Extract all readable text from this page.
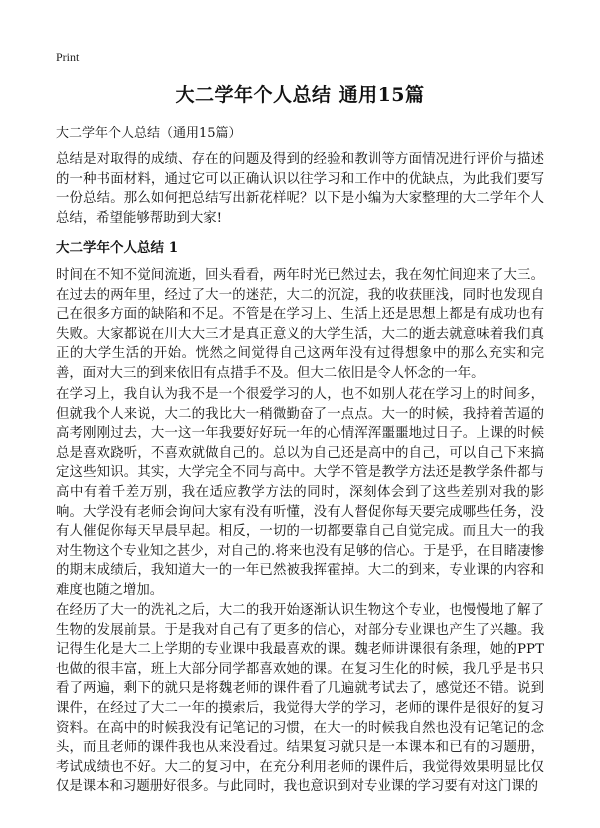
Print
大二学年个人总结 通用15篇
大二学年个人总结（通用15篇）

总结是对取得的成绩、存在的问题及得到的经验和教训等方面情况进行评价与描述的一种书面材料，通过它可以正确认识以往学习和工作中的优缺点，为此我们要写一份总结。那么如何把总结写出新花样呢？以下是小编为大家整理的大二学年个人总结，希望能够帮助到大家!

大二学年个人总结 1

时间在不知不觉间流逝，回头看看，两年时光已然过去，我在匆忙间迎来了大三。在过去的两年里，经过了大一的迷茫，大二的沉淀，我的收获匪浅，同时也发现自己在很多方面的缺陷和不足。不管是在学习上、生活上还是思想上都是有成功也有失败。大家都说在川大大三才是真正意义的大学生活，大二的逝去就意味着我们真正的大学生活的开始。恍然之间觉得自己这两年没有过得想象中的那么充实和完善，面对大三的到来依旧有点措手不及。但大二依旧是令人怀念的一年。

在学习上，我自认为我不是一个很爱学习的人，也不如别人花在学习上的时间多，但就我个人来说，大二的我比大一稍微勤奋了一点点。大一的时候，我持着苦逼的高考刚刚过去，大一这一年我要好好玩一年的心情浑浑噩噩地过日子。上课的时候总是喜欢跷听，不喜欢就做自己的。总以为自己还是高中的自己，可以自己下来搞定这些知识。其实，大学完全不同与高中。大学不管是教学方法还是教学条件都与高中有着千差万别，我在适应教学方法的同时，深刻体会到了这些差别对我的影响。大学没有老师会询问大家有没有听懂，没有人督促你每天要完成哪些任务，没有人催促你每天早晨早起。相反，一切的一切都要靠自己自觉完成。而且大一的我对生物这个专业知之甚少，对自己的.将来也没有足够的信心。于是乎，在目睹凄惨的期末成绩后，我知道大一的一年已然被我挥霍掉。大二的到来，专业课的内容和难度也随之增加。

在经历了大一的洗礼之后，大二的我开始逐渐认识生物这个专业，也慢慢地了解了生物的发展前景。于是我对自己有了更多的信心，对部分专业课也产生了兴趣。我记得生化是大二上学期的专业课中我最喜欢的课。魏老师讲课很有条理，她的PPT也做的很丰富，班上大部分同学都喜欢她的课。在复习生化的时候，我几乎是书只看了两遍，剩下的就只是将魏老师的课件看了几遍就考试去了，感觉还不错。说到课件，在经过了大二一年的摸索后，我觉得大学的学习，老师的课件是很好的复习资料。在高中的时候我没有记笔记的习惯，在大一的时候我自然也没有记笔记的念头，而且老师的课件我也从来没看过。结果复习就只是一本课本和已有的习题册，考试成绩也不好。大二的复习中，在充分利用老师的课件后，我觉得效果明显比仅仅是课本和习题册好很多。与此同时，我也意识到对专业课的学习要有对这门课的
